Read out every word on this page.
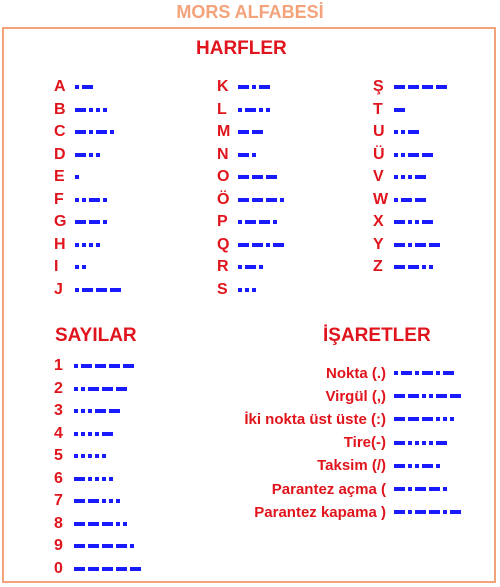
MORS ALFABESİ
HARFLER
SAYILAR	İŞARETLER
A
B
C
D
E
F
G
H
I
J
K
L
M
N
O
Ö
P
Q
R
S
Ş
T
U
Ü
V
W
X
Y
Z
1
2
3
4
5
6
7
8
9
0
Nokta (.)
Virgül (,)
İki nokta üst üste (:)
Tire(-)
Taksim (/)
Parantez açma (
Parantez kapama )
